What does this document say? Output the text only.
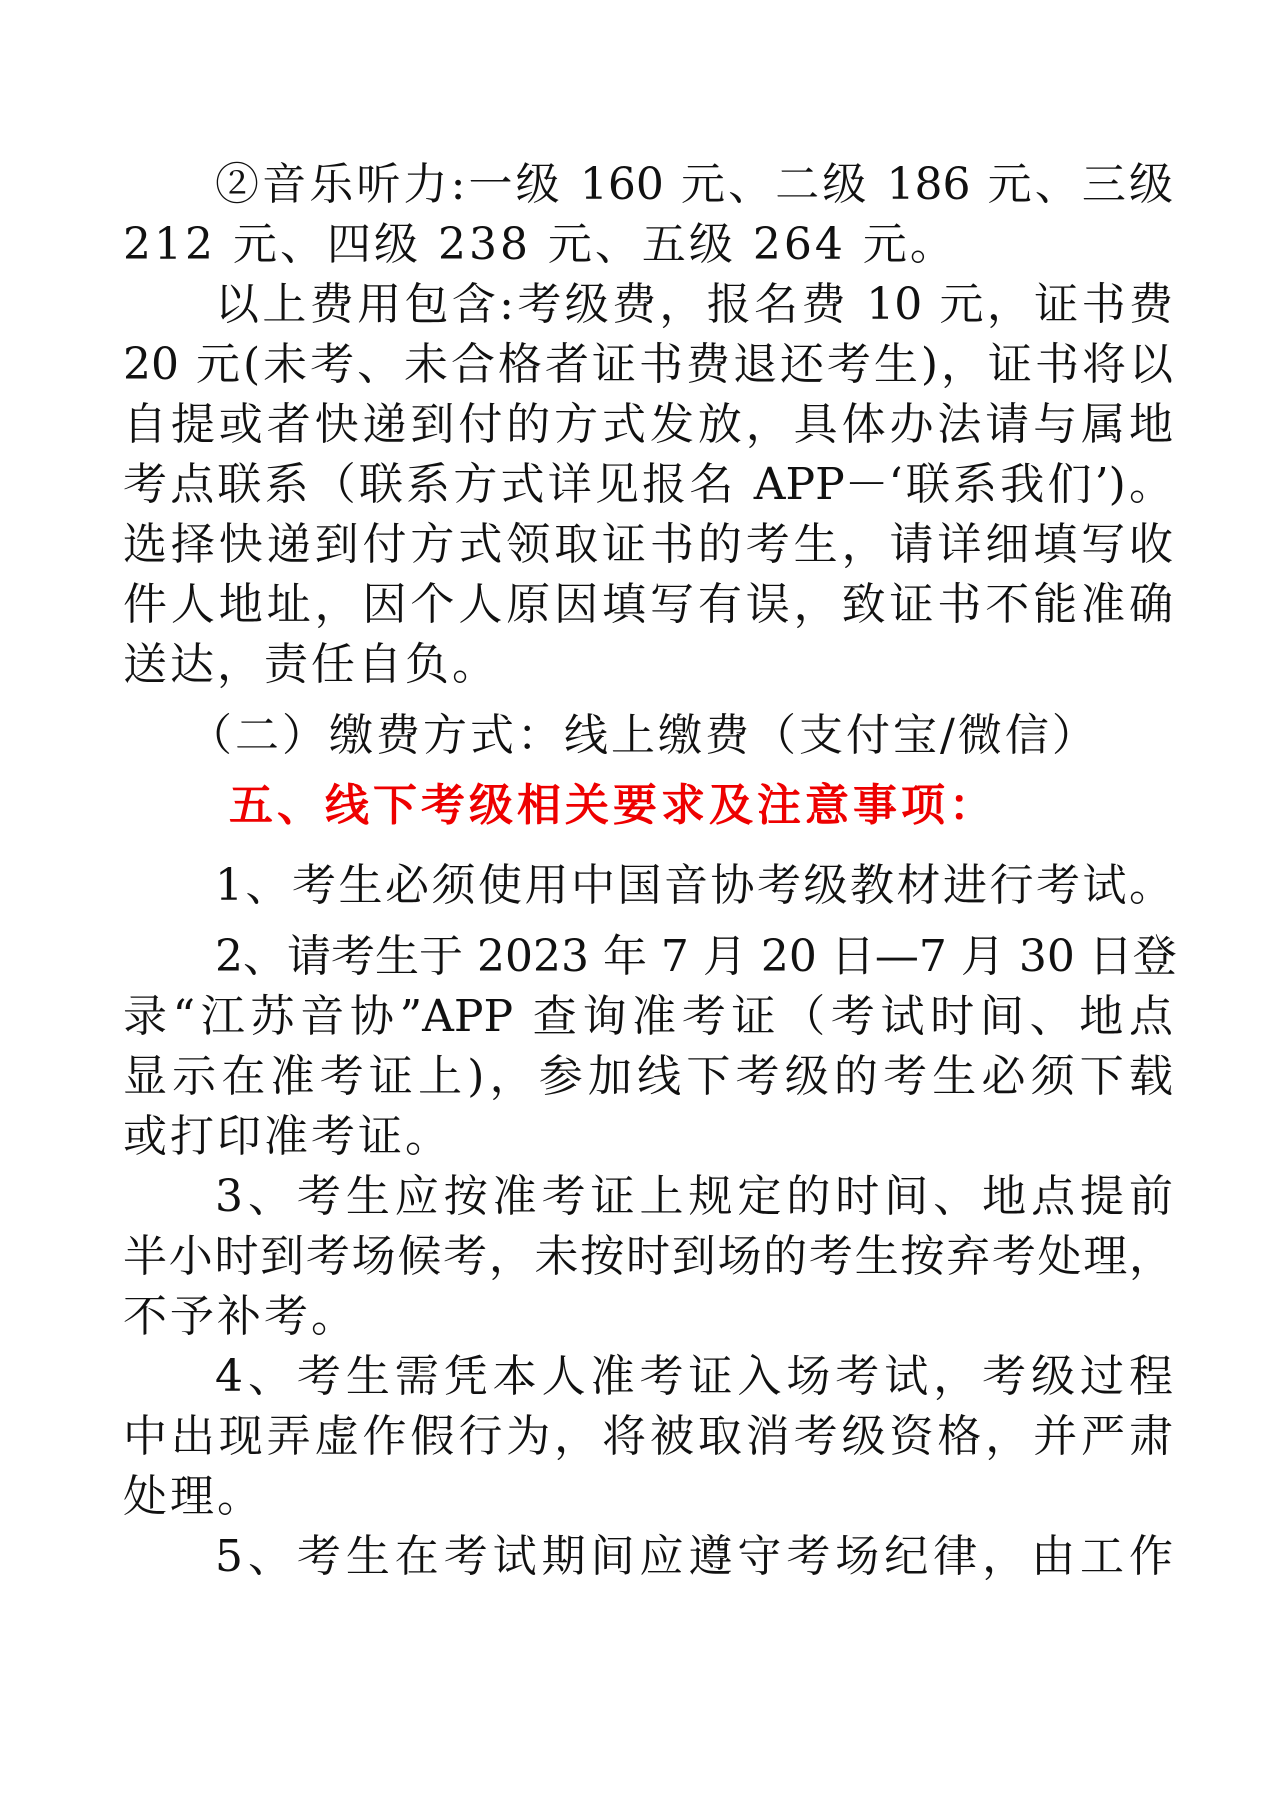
②音乐听力:一级 160 元、二级 186 元、三级
212 元、四级 238 元、五级 264 元。
以上费用包含:考级费，报名费 10 元，证书费
20 元(未考、未合格者证书费退还考生)，证书将以
自提或者快递到付的方式发放，具体办法请与属地
考点联系（联系方式详见报名 APP－‘联系我们’)。
选择快递到付方式领取证书的考生，请详细填写收
件人地址，因个人原因填写有误，致证书不能准确
送达，责任自负。
（二）缴费方式：线上缴费（支付宝/微信）
五、线下考级相关要求及注意事项：
1、考生必须使用中国音协考级教材进行考试。
2、请考生于 2023 年 7 月 20 日—7 月 30 日登
录“江苏音协”APP 查询准考证（考试时间、地点
显示在准考证上)，参加线下考级的考生必须下载
或打印准考证。
3、考生应按准考证上规定的时间、地点提前
半小时到考场候考，未按时到场的考生按弃考处理，
不予补考。
4、考生需凭本人准考证入场考试，考级过程
中出现弄虚作假行为，将被取消考级资格，并严肃
处理。
5、考生在考试期间应遵守考场纪律，由工作
